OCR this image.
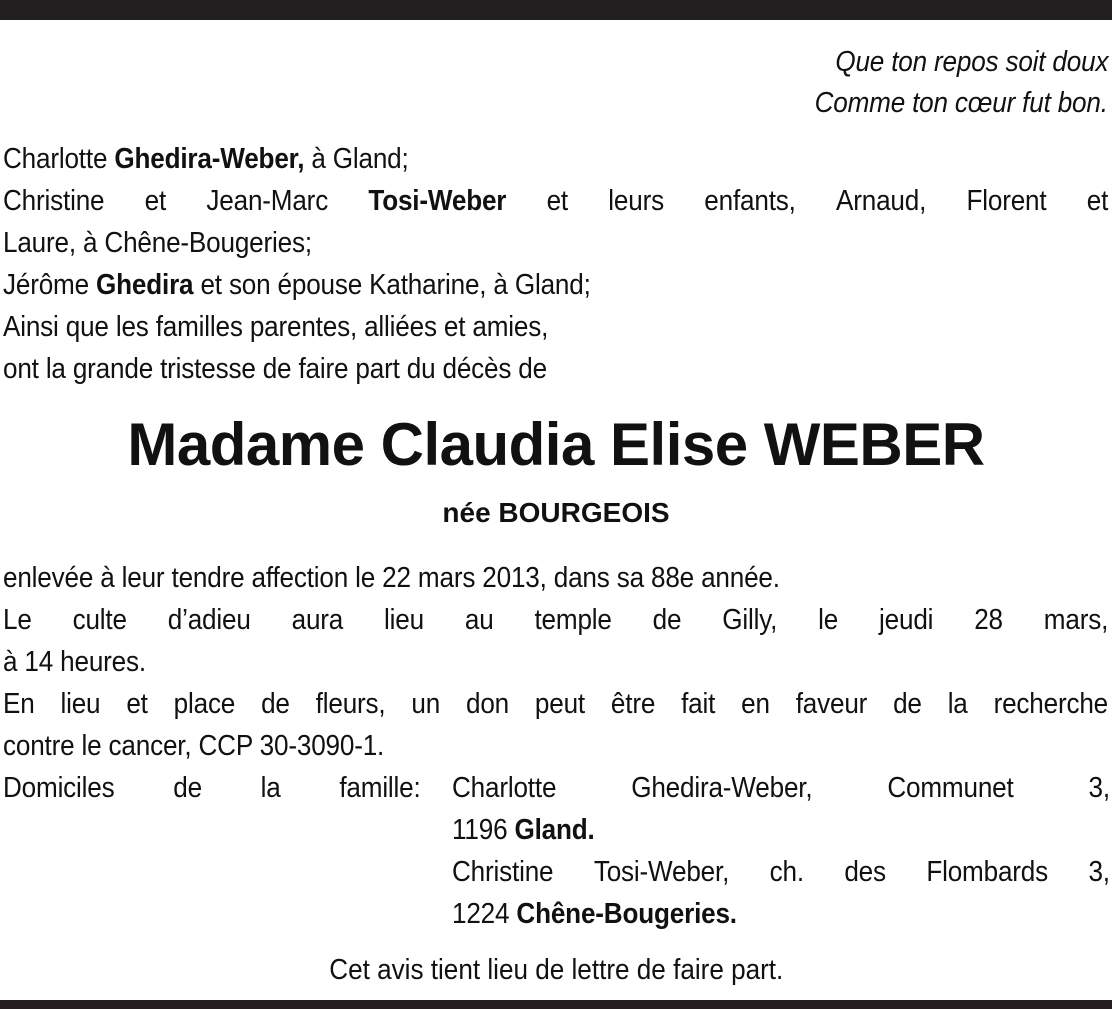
Que ton repos soit doux
Comme ton cœur fut bon.
Charlotte Ghedira-Weber, à Gland;
Christine et Jean-Marc Tosi-Weber et leurs enfants, Arnaud, Florent et
Laure, à Chêne-Bougeries;
Jérôme Ghedira et son épouse Katharine, à Gland;
Ainsi que les familles parentes, alliées et amies,
ont la grande tristesse de faire part du décès de
Madame Claudia Elise WEBER
née BOURGEOIS
enlevée à leur tendre affection le 22 mars 2013, dans sa 88e année.
Le culte d’adieu aura lieu au temple de Gilly, le jeudi 28 mars,
à 14 heures.
En lieu et place de fleurs, un don peut être fait en faveur de la recherche
contre le cancer, CCP 30-3090-1.
Domiciles de la famille: Charlotte	Ghedira-Weber,	Communet	3,
1196 Gland.
Christine Tosi-Weber, ch. des Flombards 3,
1224 Chêne-Bougeries.
Cet avis tient lieu de lettre de faire part.
